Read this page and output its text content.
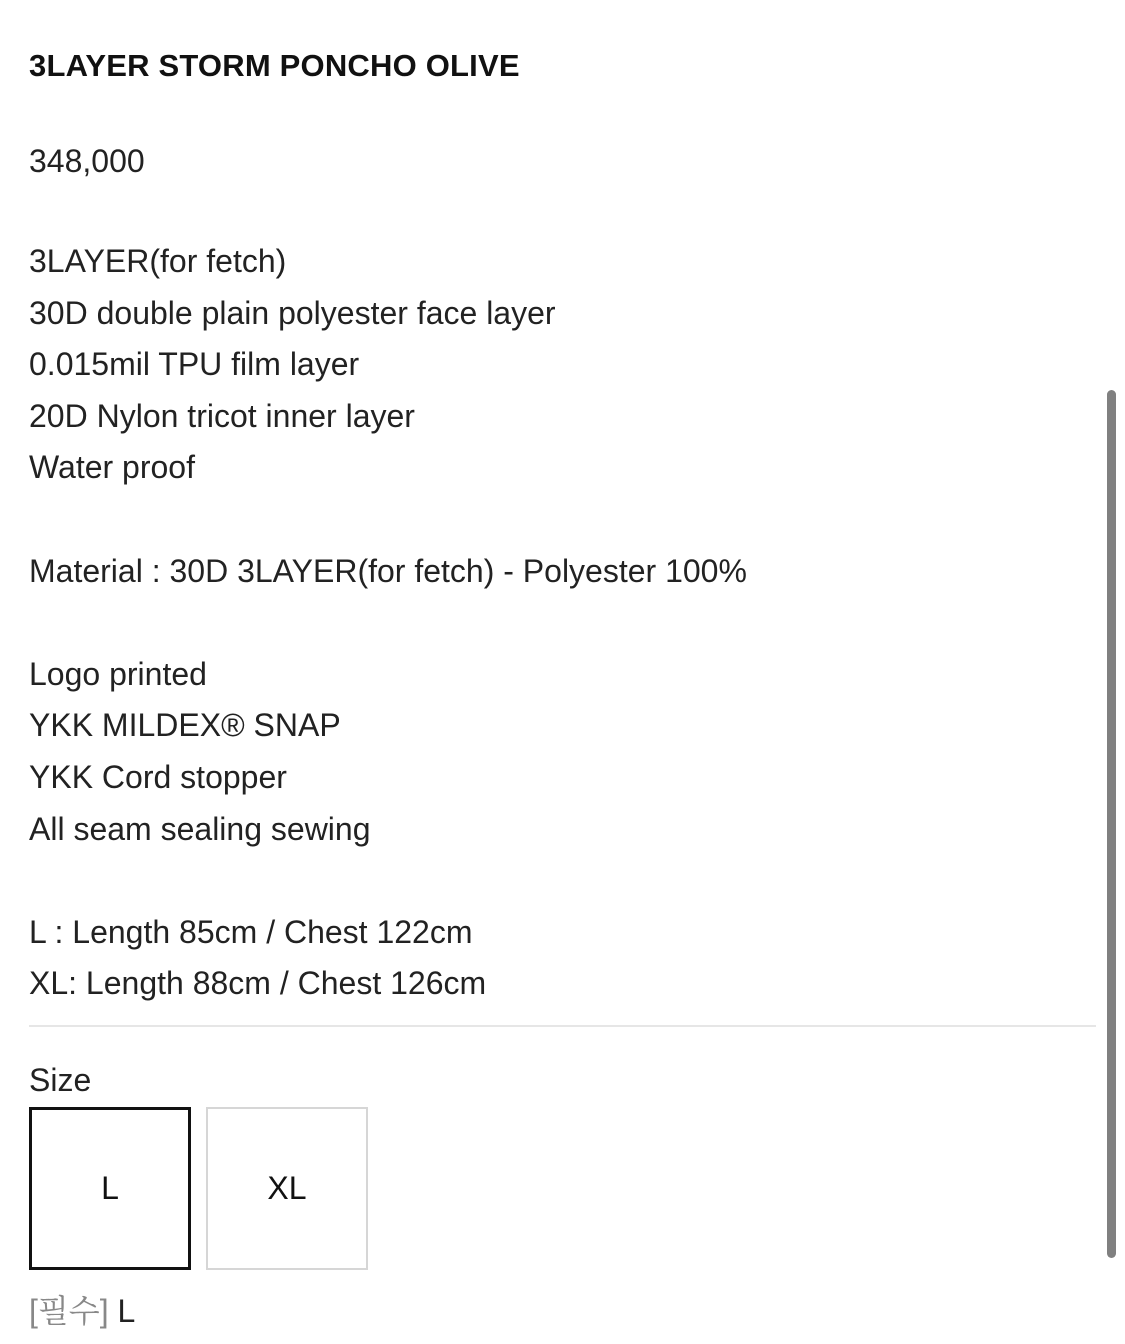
3LAYER STORM PONCHO OLIVE
348,000
3LAYER(for fetch)
30D double plain polyester face layer
0.015mil TPU film layer
20D Nylon tricot inner layer
Water proof
Material : 30D 3LAYER(for fetch) - Polyester 100%
Logo printed
YKK MILDEX® SNAP
YKK Cord stopper
All seam sealing sewing
L : Length 85cm / Chest 122cm
XL: Length 88cm / Chest 126cm
Size
L	XL
[필수] L
